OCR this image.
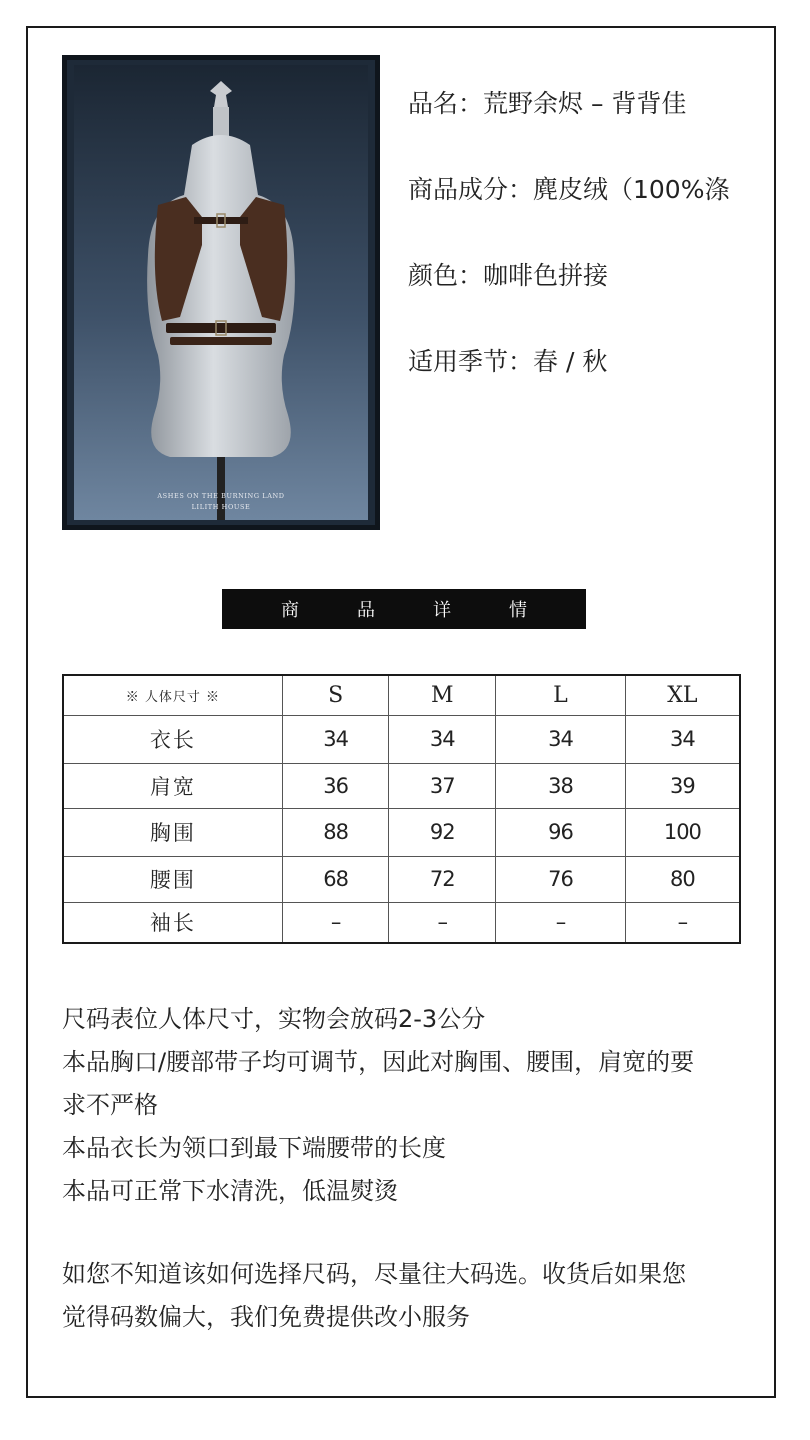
ASHES ON THE BURNING LAND
LILITH HOUSE
品名：荒野余烬 – 背背佳
商品成分：麂皮绒（100%涤
颜色：咖啡色拼接
适用季节：春 / 秋
商	品	详	情
※ 人体尺寸 ※	S	M	L	XL
衣长	34	34	34	34
肩宽	36	37	38	39
胸围	88	92	96	100
腰围	68	72	76	80
袖长	–	–	–	–
尺码表位人体尺寸，实物会放码2-3公分
本品胸口/腰部带子均可调节，因此对胸围、腰围，肩宽的要
求不严格
本品衣长为领口到最下端腰带的长度
本品可正常下水清洗，低温熨烫
如您不知道该如何选择尺码，尽量往大码选。收货后如果您
觉得码数偏大，我们免费提供改小服务
